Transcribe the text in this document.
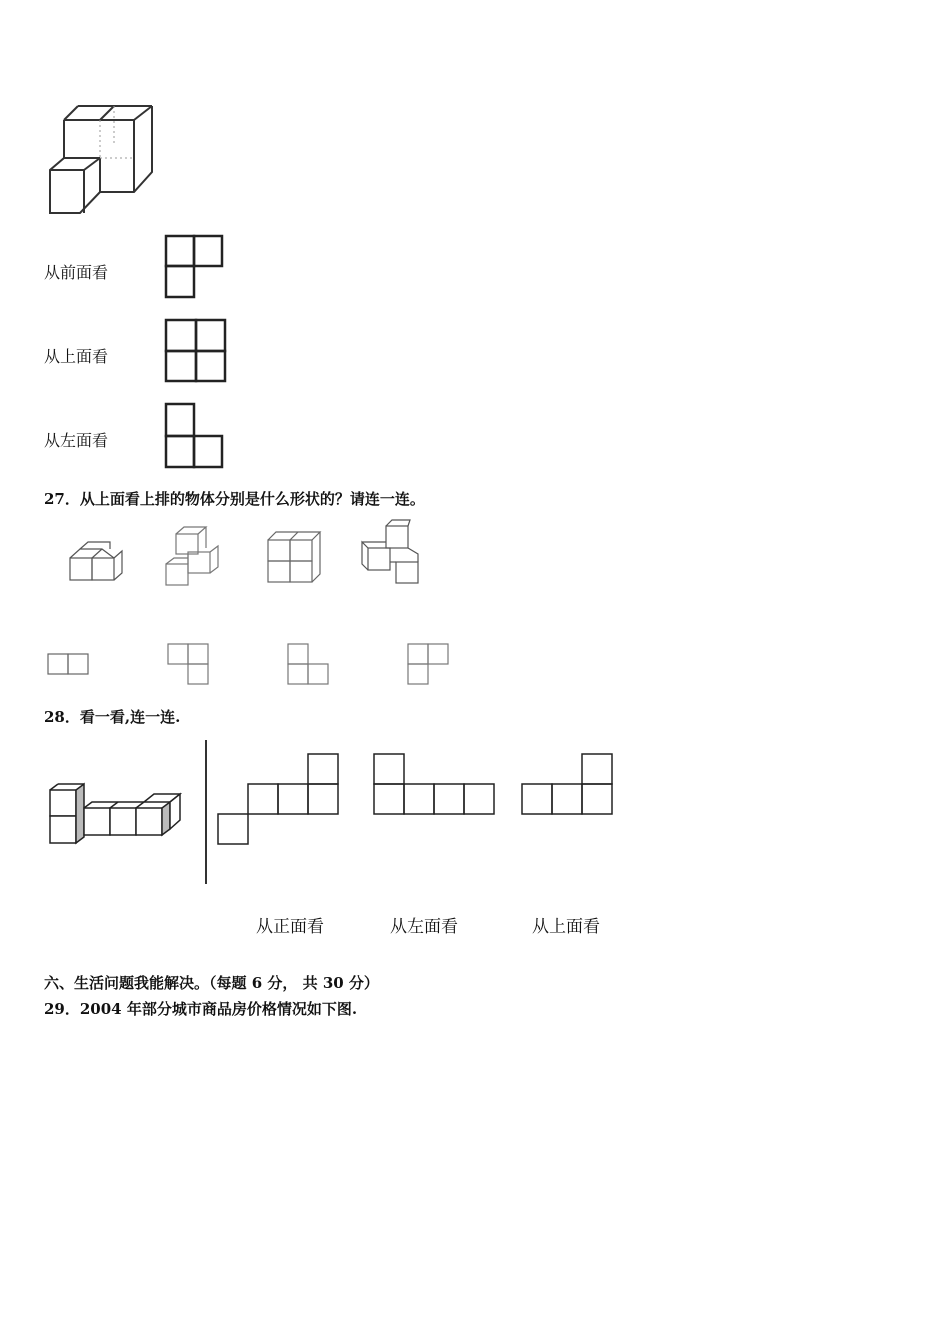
从前面看
从上面看
从左面看
27．从上面看上排的物体分别是什么形状的？请连一连。
28．看一看,连一连.
从正面看	从左面看	从上面看
六、生活问题我能解决。（每题 6 分， 共 30 分）
29．2004 年部分城市商品房价格情况如下图.
